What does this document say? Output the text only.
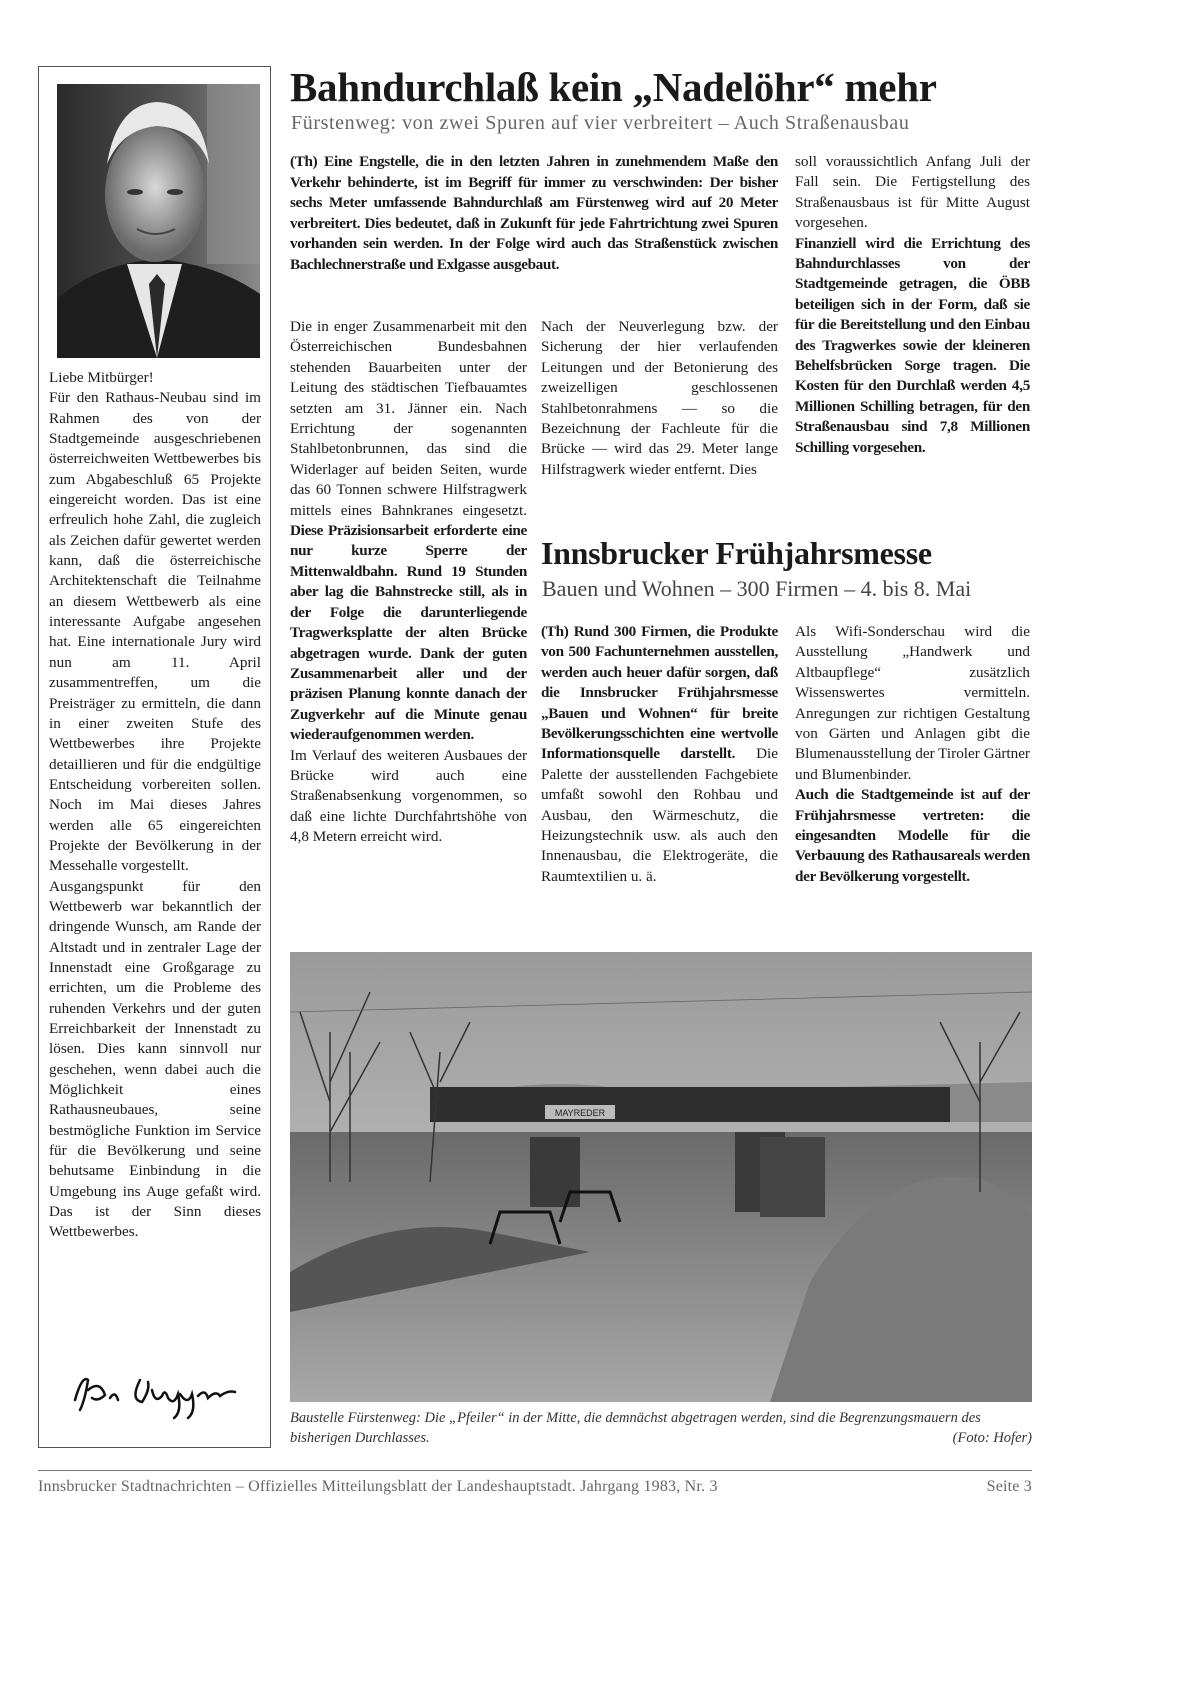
Liebe Mitbürger!

Für den Rathaus-Neubau sind im Rahmen des von der Stadtgemeinde ausgeschriebenen österreichweiten Wettbewerbes bis zum Abgabeschluß 65 Projekte eingereicht worden. Das ist eine erfreulich hohe Zahl, die zugleich als Zeichen dafür gewertet werden kann, daß die österreichische Architektenschaft die Teilnahme an diesem Wettbewerb als eine interessante Aufgabe angesehen hat. Eine internationale Jury wird nun am 11. April zusammentreffen, um die Preisträger zu ermitteln, die dann in einer zweiten Stufe des Wettbewerbes ihre Projekte detaillieren und für die endgültige Entscheidung vorbereiten sollen. Noch im Mai dieses Jahres werden alle 65 eingereichten Projekte der Bevölkerung in der Messehalle vorgestellt.

Ausgangspunkt für den Wettbewerb war bekanntlich der dringende Wunsch, am Rande der Altstadt und in zentraler Lage der Innenstadt eine Großgarage zu errichten, um die Probleme des ruhenden Verkehrs und der guten Erreichbarkeit der Innenstadt zu lösen. Dies kann sinnvoll nur geschehen, wenn dabei auch die Möglichkeit eines Rathausneubaues, seine bestmögliche Funktion im Service für die Bevölkerung und seine behutsame Einbindung in die Umgebung ins Auge gefaßt wird. Das ist der Sinn dieses Wettbewerbes.

Bahndurchlaß kein „Nadelöhr“ mehr
Fürstenweg: von zwei Spuren auf vier verbreitert – Auch Straßenausbau
(Th) Eine Engstelle, die in den letzten Jahren in zunehmendem Maße den Verkehr behinderte, ist im Begriff für immer zu verschwinden: Der bisher sechs Meter umfassende Bahndurchlaß am Fürstenweg wird auf 20 Meter verbreitert. Dies bedeutet, daß in Zukunft für jede Fahrtrichtung zwei Spuren vorhanden sein werden. In der Folge wird auch das Straßenstück zwischen Bachlechnerstraße und Exlgasse ausgebaut.

Die in enger Zusammenarbeit mit den Österreichischen Bundesbahnen stehenden Bauarbeiten unter der Leitung des städtischen Tiefbauamtes setzten am 31. Jänner ein. Nach Errichtung der sogenannten Stahlbetonbrunnen, das sind die Widerlager auf beiden Seiten, wurde das 60 Tonnen schwere Hilfstragwerk mittels eines Bahnkranes eingesetzt. Diese Präzisionsarbeit erforderte eine nur kurze Sperre der Mittenwaldbahn. Rund 19 Stunden aber lag die Bahnstrecke still, als in der Folge die darunterliegende Tragwerksplatte der alten Brücke abgetragen wurde. Dank der guten Zusammenarbeit aller und der präzisen Planung konnte danach der Zugverkehr auf die Minute genau wiederaufgenommen werden.

Im Verlauf des weiteren Ausbaues der Brücke wird auch eine Straßenabsenkung vorgenommen, so daß eine lichte Durchfahrtshöhe von 4,8 Metern erreicht wird.

Nach der Neuverlegung bzw. der Sicherung der hier verlaufenden Leitungen und der Betonierung des zweizelligen geschlossenen Stahlbetonrahmens — so die Bezeichnung der Fachleute für die Brücke — wird das 29. Meter lange Hilfstragwerk wieder entfernt. Dies

soll voraussichtlich Anfang Juli der Fall sein. Die Fertigstellung des Straßenausbaus ist für Mitte August vorgesehen.

Finanziell wird die Errichtung des Bahndurchlasses von der Stadtgemeinde getragen, die ÖBB beteiligen sich in der Form, daß sie für die Bereitstellung und den Einbau des Tragwerkes sowie der kleineren Behelfsbrücken Sorge tragen. Die Kosten für den Durchlaß werden 4,5 Millionen Schilling betragen, für den Straßenausbau sind 7,8 Millionen Schilling vorgesehen.

Innsbrucker Frühjahrsmesse
Bauen und Wohnen – 300 Firmen – 4. bis 8. Mai

(Th) Rund 300 Firmen, die Produkte von 500 Fachunternehmen ausstellen, werden auch heuer dafür sorgen, daß die Innsbrucker Frühjahrsmesse „Bauen und Wohnen“ für breite Bevölkerungsschichten eine wertvolle Informationsquelle darstellt. Die Palette der ausstellenden Fachgebiete umfaßt sowohl den Rohbau und Ausbau, den Wärmeschutz, die Heizungstechnik usw. als auch den Innenausbau, die Elektrogeräte, die Raumtextilien u. ä.

Als Wifi-Sonderschau wird die Ausstellung „Handwerk und Altbaupflege“ zusätzlich Wissenswertes vermitteln. Anregungen zur richtigen Gestaltung von Gärten und Anlagen gibt die Blumenausstellung der Tiroler Gärtner und Blumenbinder.

Auch die Stadtgemeinde ist auf der Frühjahrsmesse vertreten: die eingesandten Modelle für die Verbauung des Rathausareals werden der Bevölkerung vorgestellt.

MAYREDER
Baustelle Fürstenweg: Die „Pfeiler“ in der Mitte, die demnächst abgetragen werden, sind die Begrenzungsmauern des bisherigen Durchlasses.	(Foto: Hofer)
Innsbrucker Stadtnachrichten – Offizielles Mitteilungsblatt der Landeshauptstadt. Jahrgang 1983, Nr. 3	Seite 3
